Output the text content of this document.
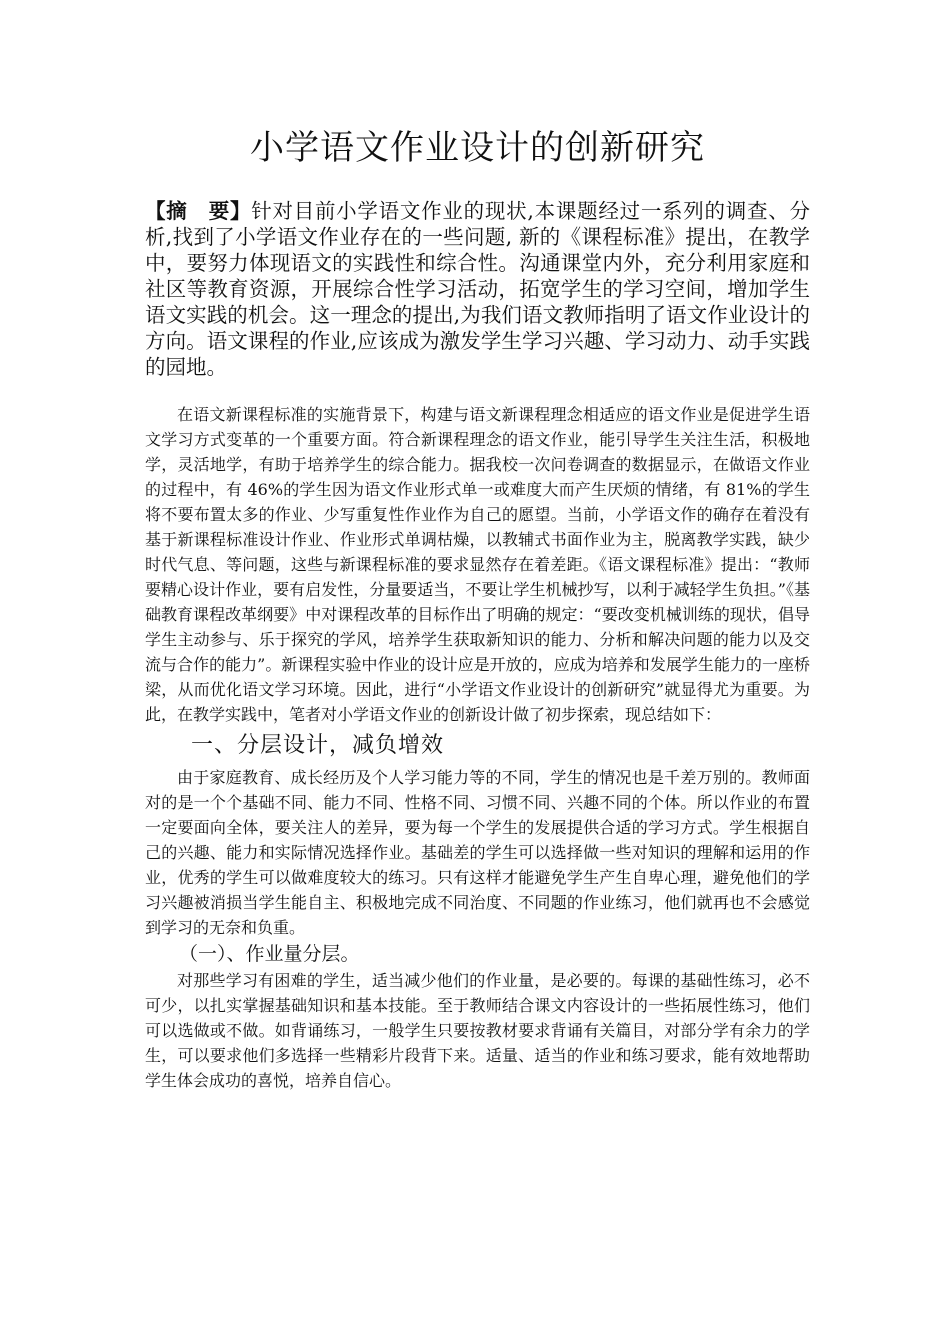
小学语文作业设计的创新研究

【摘　要】针对目前小学语文作业的现状,本课题经过一系列的调查、分析,找到了小学语文作业存在的一些问题, 新的《课程标准》提出，在教学中，要努力体现语文的实践性和综合性。沟通课堂内外，充分利用家庭和社区等教育资源，开展综合性学习活动，拓宽学生的学习空间，增加学生语文实践的机会。这一理念的提出,为我们语文教师指明了语文作业设计的方向。语文课程的作业,应该成为激发学生学习兴趣、学习动力、动手实践的园地。

在语文新课程标准的实施背景下，构建与语文新课程理念相适应的语文作业是促进学生语文学习方式变革的一个重要方面。符合新课程理念的语文作业，能引导学生关注生活，积极地学，灵活地学，有助于培养学生的综合能力。据我校一次问卷调查的数据显示，在做语文作业的过程中，有 46%的学生因为语文作业形式单一或难度大而产生厌烦的情绪，有 81%的学生将不要布置太多的作业、少写重复性作业作为自己的愿望。当前，小学语文作的确存在着没有基于新课程标准设计作业、作业形式单调枯燥，以教辅式书面作业为主，脱离教学实践，缺少时代气息、等问题，这些与新课程标准的要求显然存在着差距。《语文课程标准》提出：“教师要精心设计作业，要有启发性，分量要适当，不要让学生机械抄写，以利于减轻学生负担。”《基础教育课程改革纲要》中对课程改革的目标作出了明确的规定：“要改变机械训练的现状，倡导学生主动参与、乐于探究的学风，培养学生获取新知识的能力、分析和解决问题的能力以及交流与合作的能力”。新课程实验中作业的设计应是开放的，应成为培养和发展学生能力的一座桥梁，从而优化语文学习环境。因此，进行“小学语文作业设计的创新研究”就显得尤为重要。为此，在教学实践中，笔者对小学语文作业的创新设计做了初步探索，现总结如下：

一、分层设计，减负增效

由于家庭教育、成长经历及个人学习能力等的不同，学生的情况也是千差万别的。教师面对的是一个个基础不同、能力不同、性格不同、习惯不同、兴趣不同的个体。所以作业的布置一定要面向全体，要关注人的差异，要为每一个学生的发展提供合适的学习方式。学生根据自己的兴趣、能力和实际情况选择作业。基础差的学生可以选择做一些对知识的理解和运用的作业，优秀的学生可以做难度较大的练习。只有这样才能避免学生产生自卑心理，避免他们的学习兴趣被消损当学生能自主、积极地完成不同治度、不同题的作业练习，他们就再也不会感觉到学习的无奈和负重。

（一）、作业量分层。

对那些学习有困难的学生，适当减少他们的作业量，是必要的。每课的基础性练习，必不可少，以扎实掌握基础知识和基本技能。至于教师结合课文内容设计的一些拓展性练习，他们可以选做或不做。如背诵练习，一般学生只要按教材要求背诵有关篇目，对部分学有余力的学生，可以要求他们多选择一些精彩片段背下来。适量、适当的作业和练习要求，能有效地帮助学生体会成功的喜悦，培养自信心。
